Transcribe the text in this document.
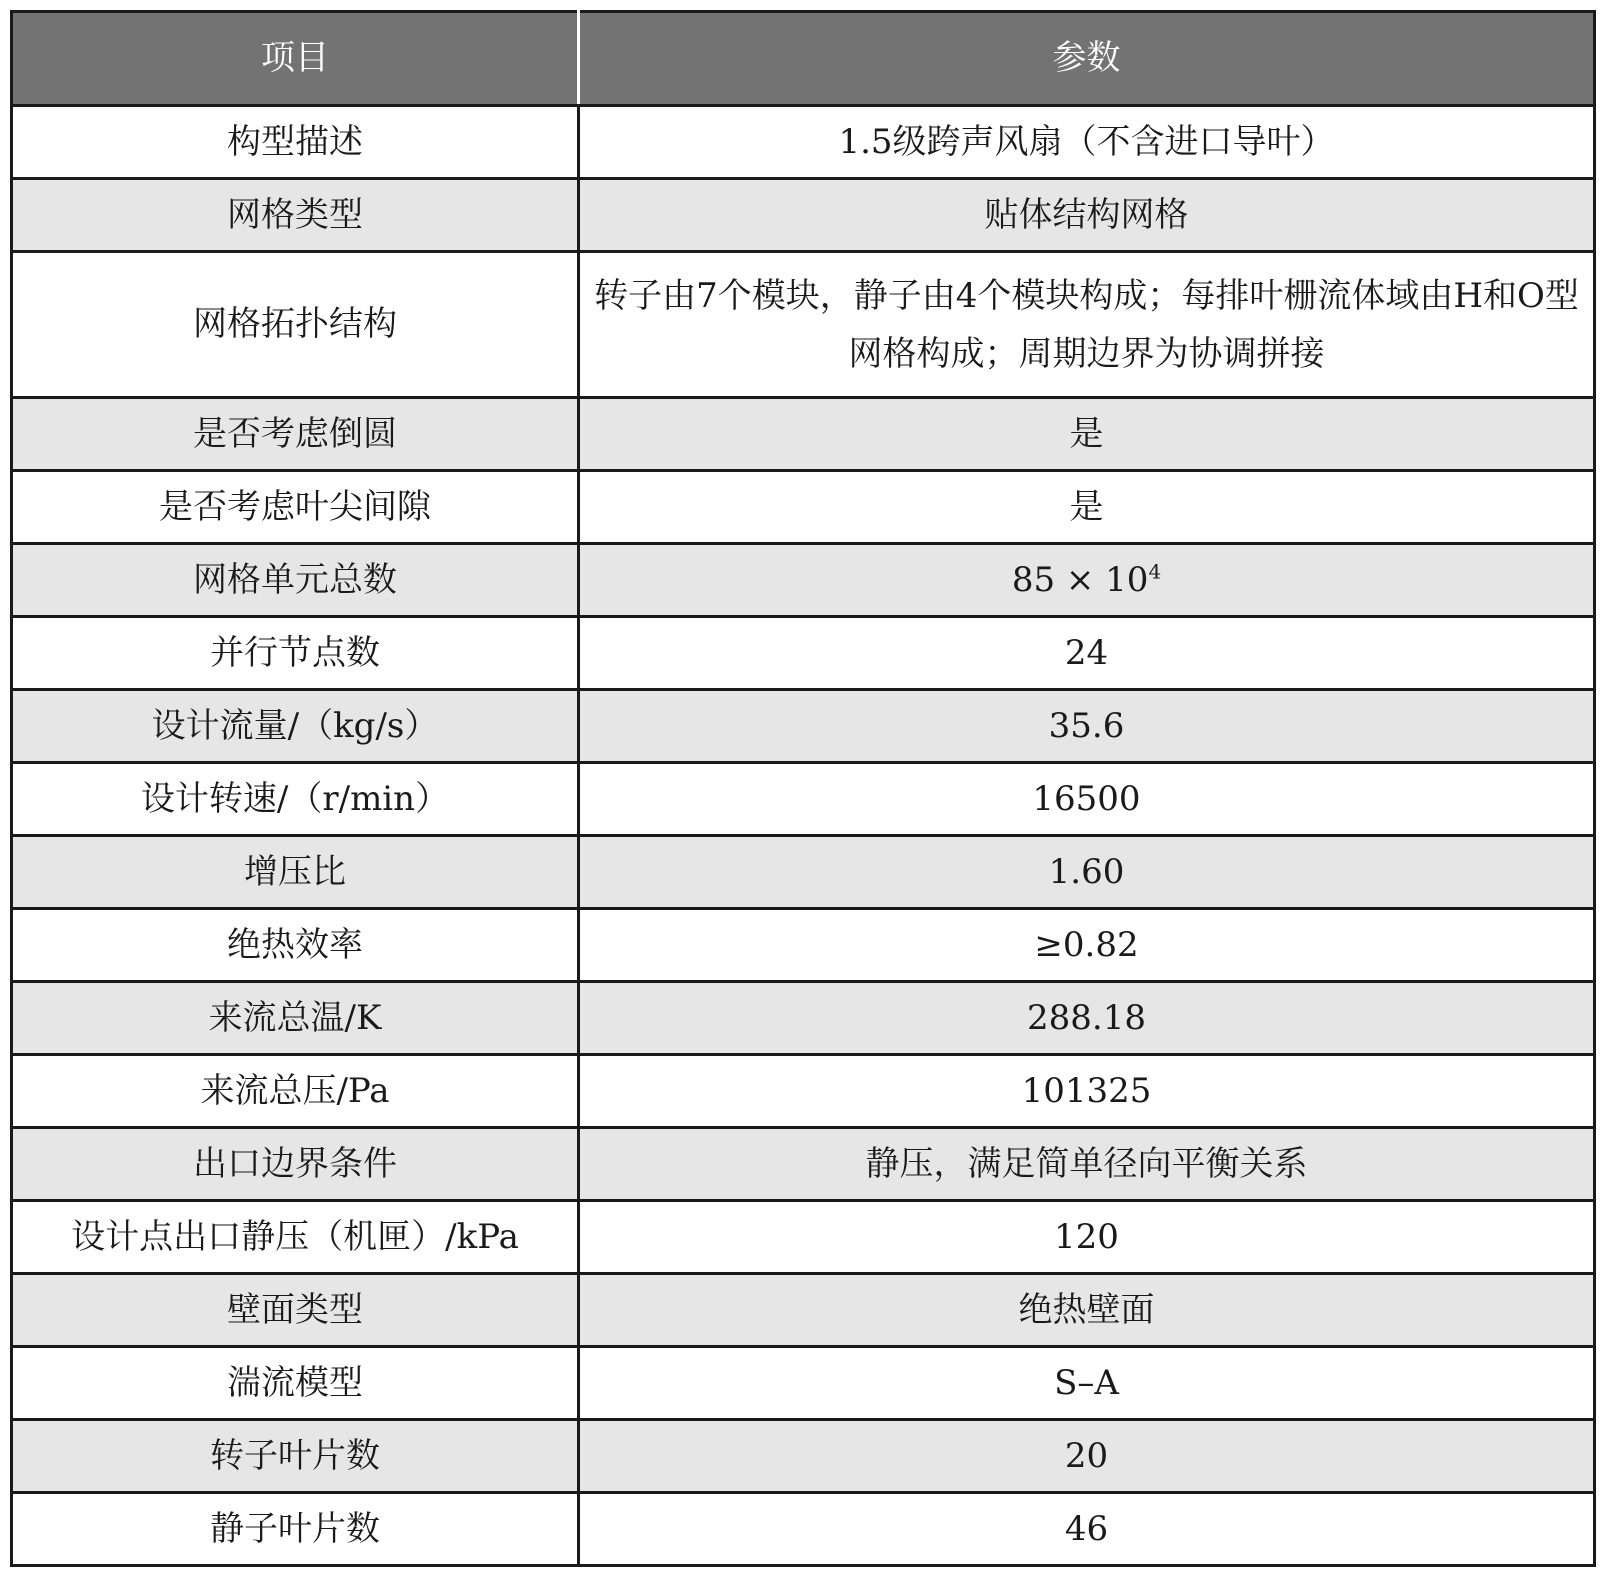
项目	参数
构型描述	1.5级跨声风扇（不含进口导叶）
网格类型	贴体结构网格
网格拓扑结构	转子由7个模块，静子由4个模块构成；每排叶栅流体域由H和O型网格构成；周期边界为协调拼接
是否考虑倒圆	是
是否考虑叶尖间隙	是
网格单元总数	$85 \times 10^4$
并行节点数	24
设计流量/（kg/s）	35.6
设计转速/（r/min）	16500
增压比	1.60
绝热效率	≥0.82
来流总温/K	288.18
来流总压/Pa	101325
出口边界条件	静压，满足简单径向平衡关系
设计点出口静压（机匣）/kPa	120
壁面类型	绝热壁面
湍流模型	S–A
转子叶片数	20
静子叶片数	46
